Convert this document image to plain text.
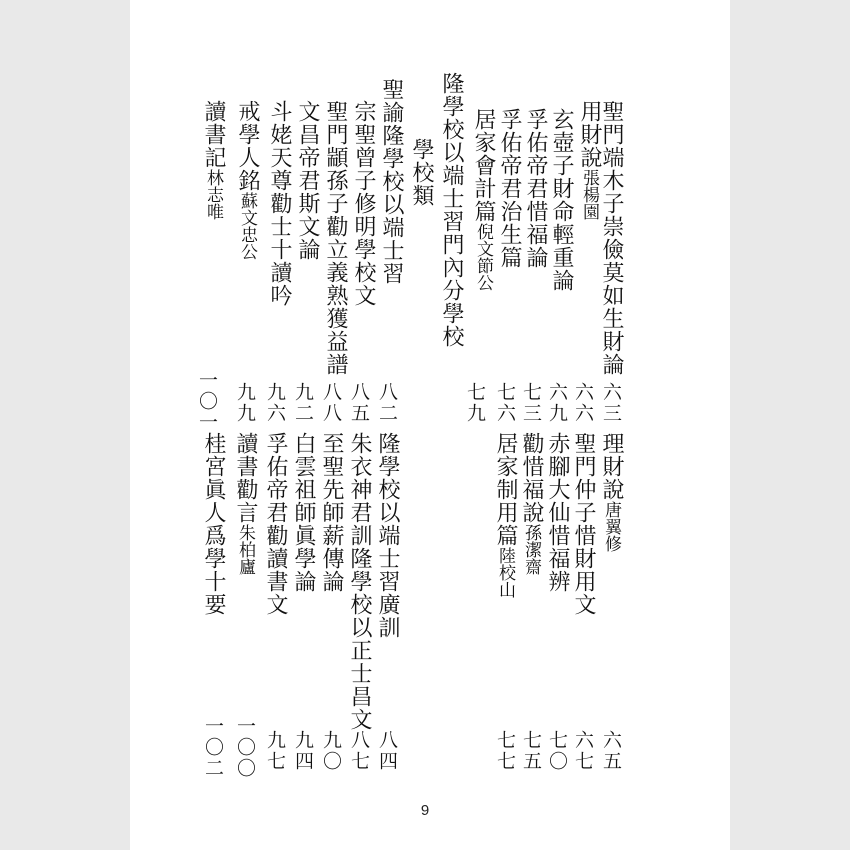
聖門端木子崇儉莫如生財論
用財說張楊園
玄壺子財命輕重論
孚佑帝君惜福論
孚佑帝君治生篇
居家會計篇倪文節公
隆學校以端士習門內分學校
學校類
聖諭隆學校以端士習
宗聖曾子修明學校文
聖門顓孫子勸立義熟獲益譜
文昌帝君斯文論
斗姥天尊勸士十讀吟
戒學人銘蘇文忠公
讀書記林志唯
六三
六六
六九
七三
七六
七九
八二
八五
八八
九二
九六
九九
一〇一
理財說唐翼修
聖門仲子惜財用文
赤腳大仙惜福辨
勸惜福說孫潔齋
居家制用篇陸校山
隆學校以端士習廣訓
朱衣神君訓隆學校以正士昌文
至聖先師薪傳論
白雲祖師眞學論
孚佑帝君勸讀書文
讀書勸言朱柏廬
桂宮眞人爲學十要
六五
六七
七〇
七五
七七
八四
八七
九〇
九四
九七
一〇〇
一〇二
9
